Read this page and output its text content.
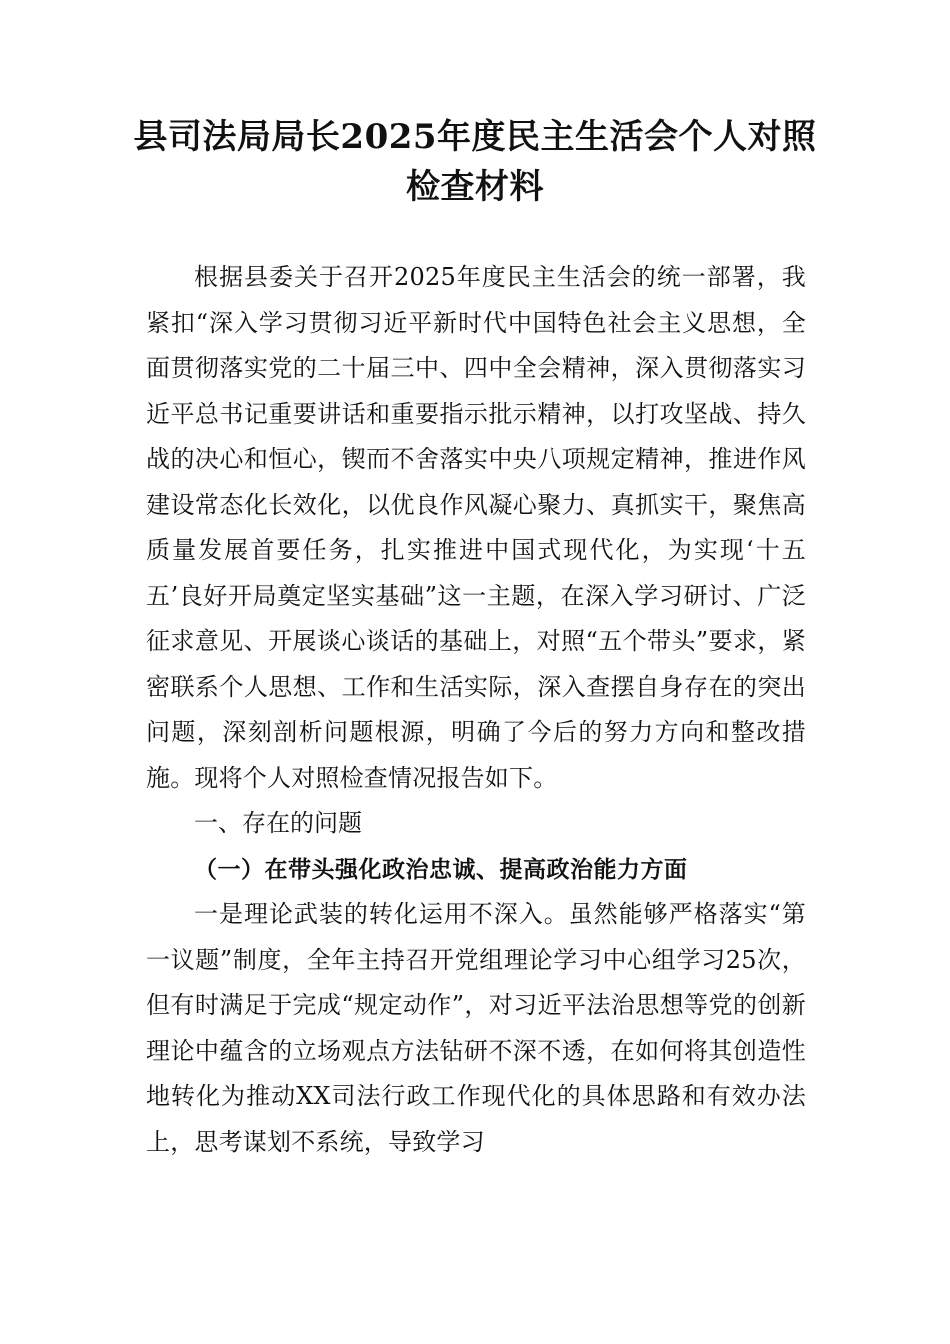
县司法局局长2025年度民主生活会个人对照检查材料

根据县委关于召开2025年度民主生活会的统一部署，我紧扣“深入学习贯彻习近平新时代中国特色社会主义思想，全面贯彻落实党的二十届三中、四中全会精神，深入贯彻落实习近平总书记重要讲话和重要指示批示精神，以打攻坚战、持久战的决心和恒心，锲而不舍落实中央八项规定精神，推进作风建设常态化长效化，以优良作风凝心聚力、真抓实干，聚焦高质量发展首要任务，扎实推进中国式现代化，为实现‘十五五’良好开局奠定坚实基础”这一主题，在深入学习研讨、广泛征求意见、开展谈心谈话的基础上，对照“五个带头”要求，紧密联系个人思想、工作和生活实际，深入查摆自身存在的突出问题，深刻剖析问题根源，明确了今后的努力方向和整改措施。现将个人对照检查情况报告如下。

一、存在的问题

（一）在带头强化政治忠诚、提高政治能力方面

一是理论武装的转化运用不深入。虽然能够严格落实“第一议题”制度，全年主持召开党组理论学习中心组学习25次，但有时满足于完成“规定动作”，对习近平法治思想等党的创新理论中蕴含的立场观点方法钻研不深不透，在如何将其创造性地转化为推动XX司法行政工作现代化的具体思路和有效办法上，思考谋划不系统，导致学习
